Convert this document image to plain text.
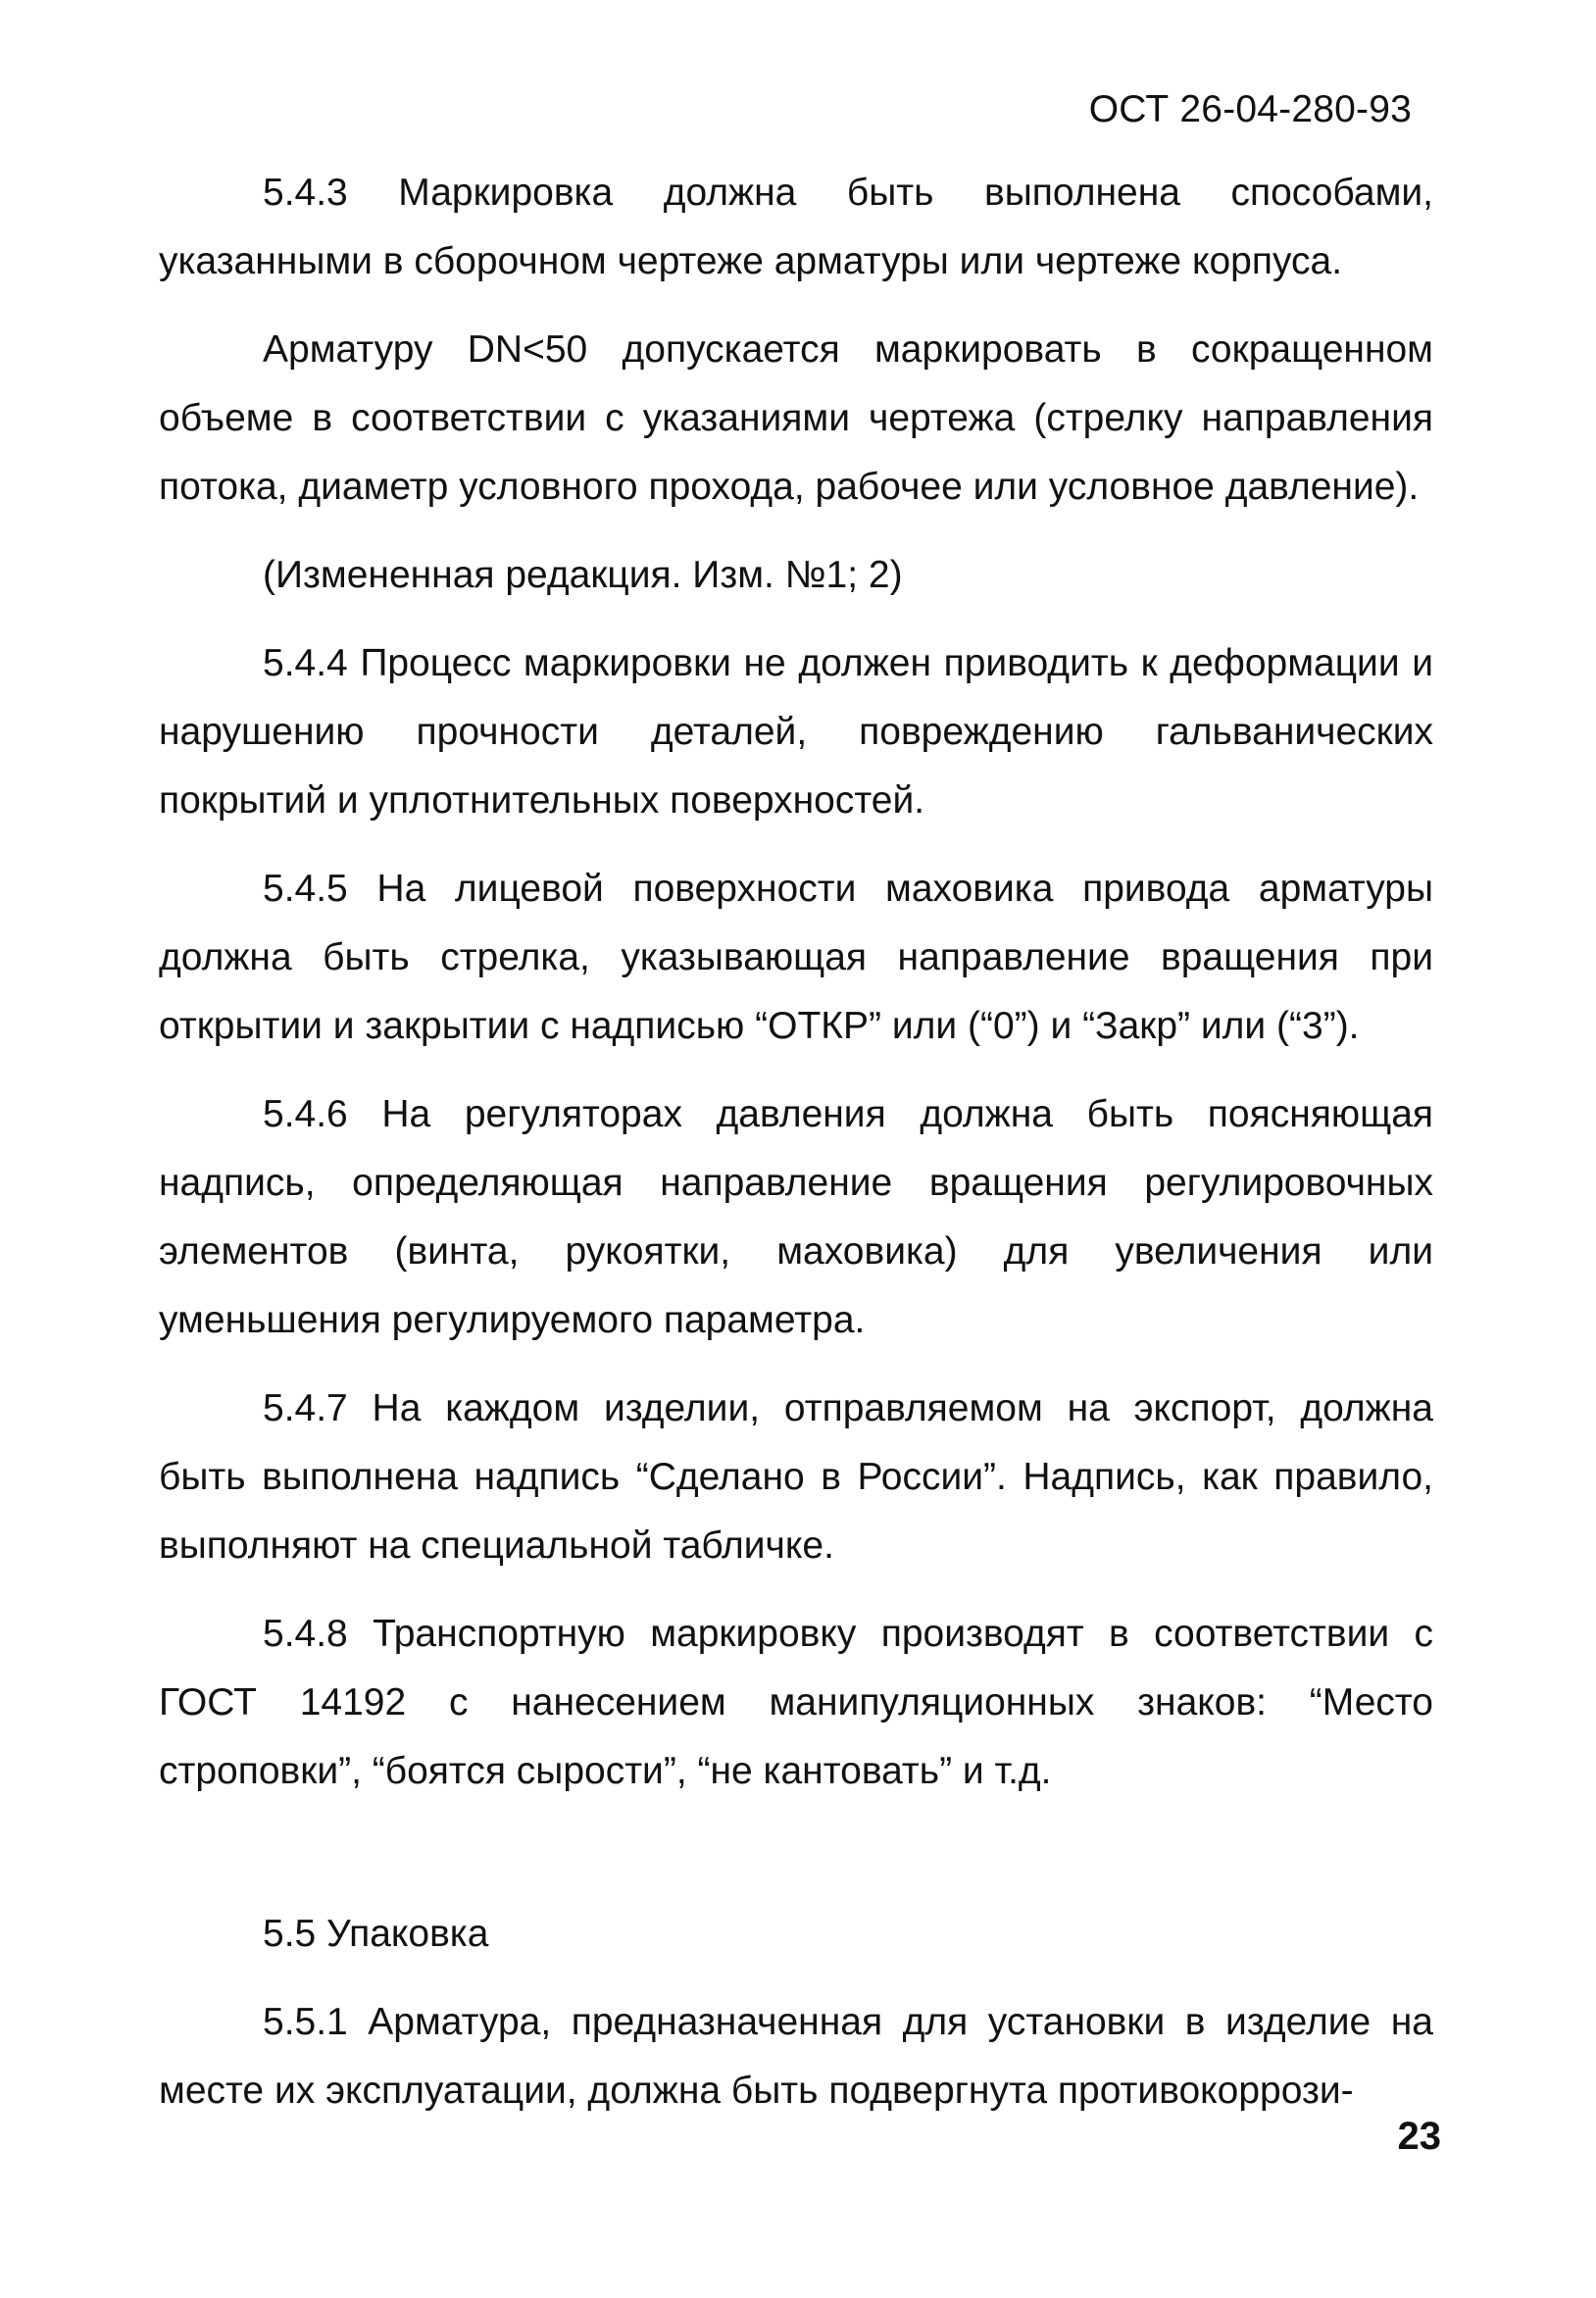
ОСТ 26-04-280-93

5.4.3 Маркировка должна быть выполнена способами, указанными в сборочном чертеже арматуры или чертеже корпуса.

Арматуру DN<50 допускается маркировать в сокращенном объеме в соответствии с указаниями чертежа (стрелку направления потока, диаметр условного прохода, рабочее или условное давление).

(Измененная редакция. Изм. №1; 2)

5.4.4 Процесс маркировки не должен приводить к деформации и нарушению прочности деталей, повреждению гальванических покрытий и уплотнительных поверхностей.

5.4.5 На лицевой поверхности маховика привода арматуры должна быть стрелка, указывающая направление вращения при открытии и закрытии с надписью “ОТКР” или (“0”) и “Закр” или (“3”).

5.4.6 На регуляторах давления должна быть поясняющая надпись, определяющая направление вращения регулировочных элементов (винта, рукоятки, маховика) для увеличения или уменьшения регулируемого параметра.

5.4.7 На каждом изделии, отправляемом на экспорт, должна быть выполнена надпись “Сделано в России”. Надпись, как правило, выполняют на специальной табличке.

5.4.8 Транспортную маркировку производят в соответствии с ГОСТ 14192 с нанесением манипуляционных знаков: “Место строповки”, “боятся сырости”, “не кантовать” и т.д.

5.5 Упаковка

5.5.1 Арматура, предназначенная для установки в изделие на месте их эксплуатации, должна быть подвергнута противокоррози-

23
